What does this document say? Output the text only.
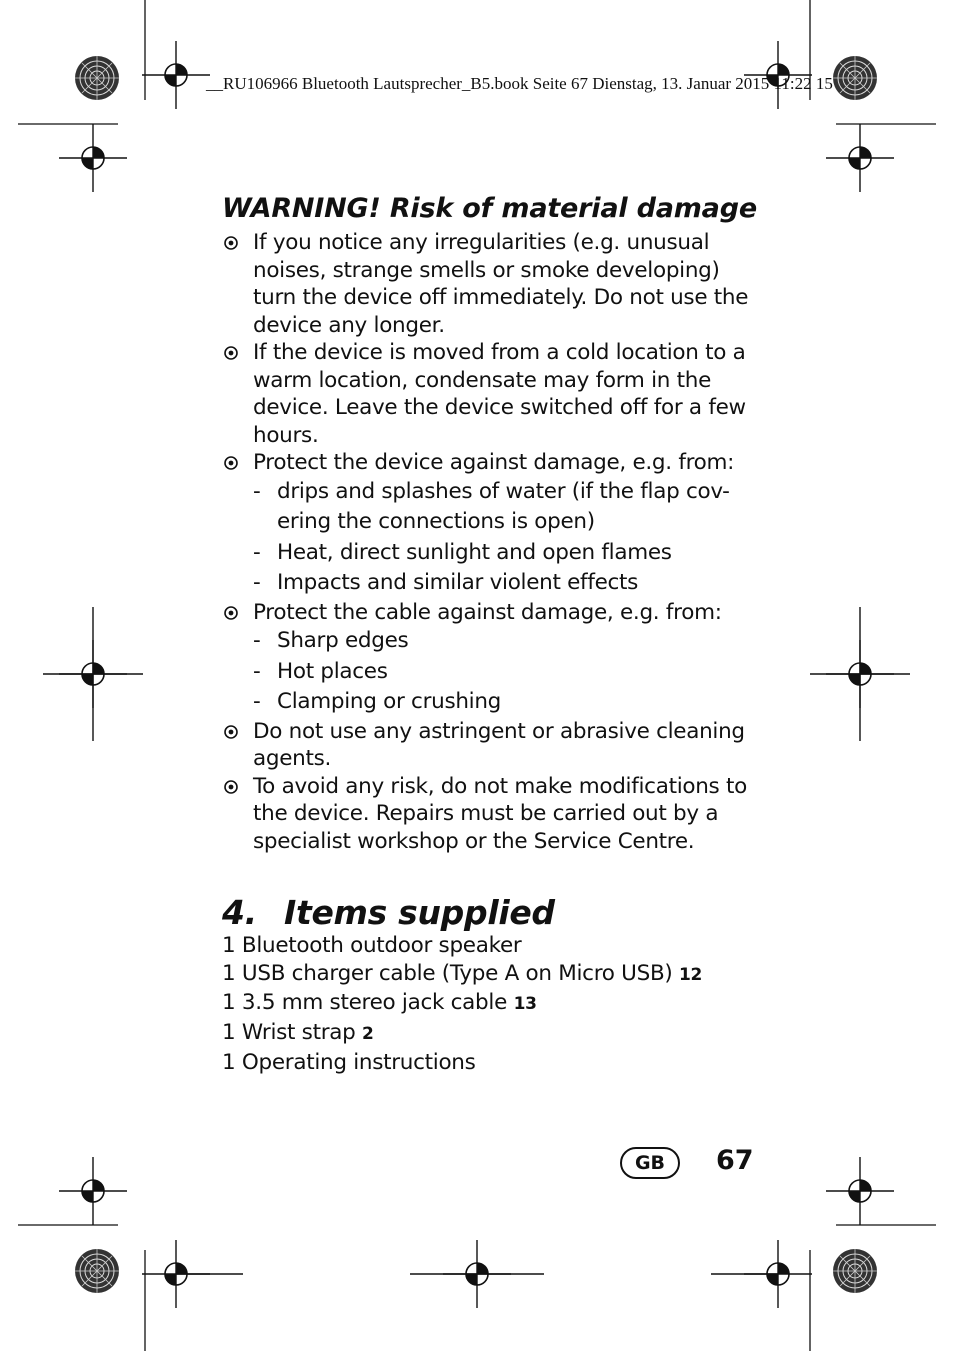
__RU106966 Bluetooth Lautsprecher_B5.book Seite 67 Dienstag, 13. Januar 2015 11:22 15
WARNING! Risk of material damage
If you notice any irregularities (e.g. unusual noises, strange smells or smoke developing) turn the device off immediately. Do not use the device any longer.
If the device is moved from a cold location to a warm location, condensate may form in the device. Leave the device switched off for a few hours.
Protect the device against damage, e.g. from:
- drips and splashes of water (if the flap cov-ering the connections is open)
- Heat, direct sunlight and open flames
- Impacts and similar violent effects
Protect the cable against damage, e.g. from:
- Sharp edges
- Hot places
- Clamping or crushing
Do not use any astringent or abrasive cleaning agents.
To avoid any risk, do not make modifications to the device. Repairs must be carried out by a specialist workshop or the Service Centre.
4. Items supplied
1 Bluetooth outdoor speaker
1 USB charger cable (Type A on Micro USB) 12
1 3.5 mm stereo jack cable 13
1 Wrist strap 2
1 Operating instructions
GB	67
